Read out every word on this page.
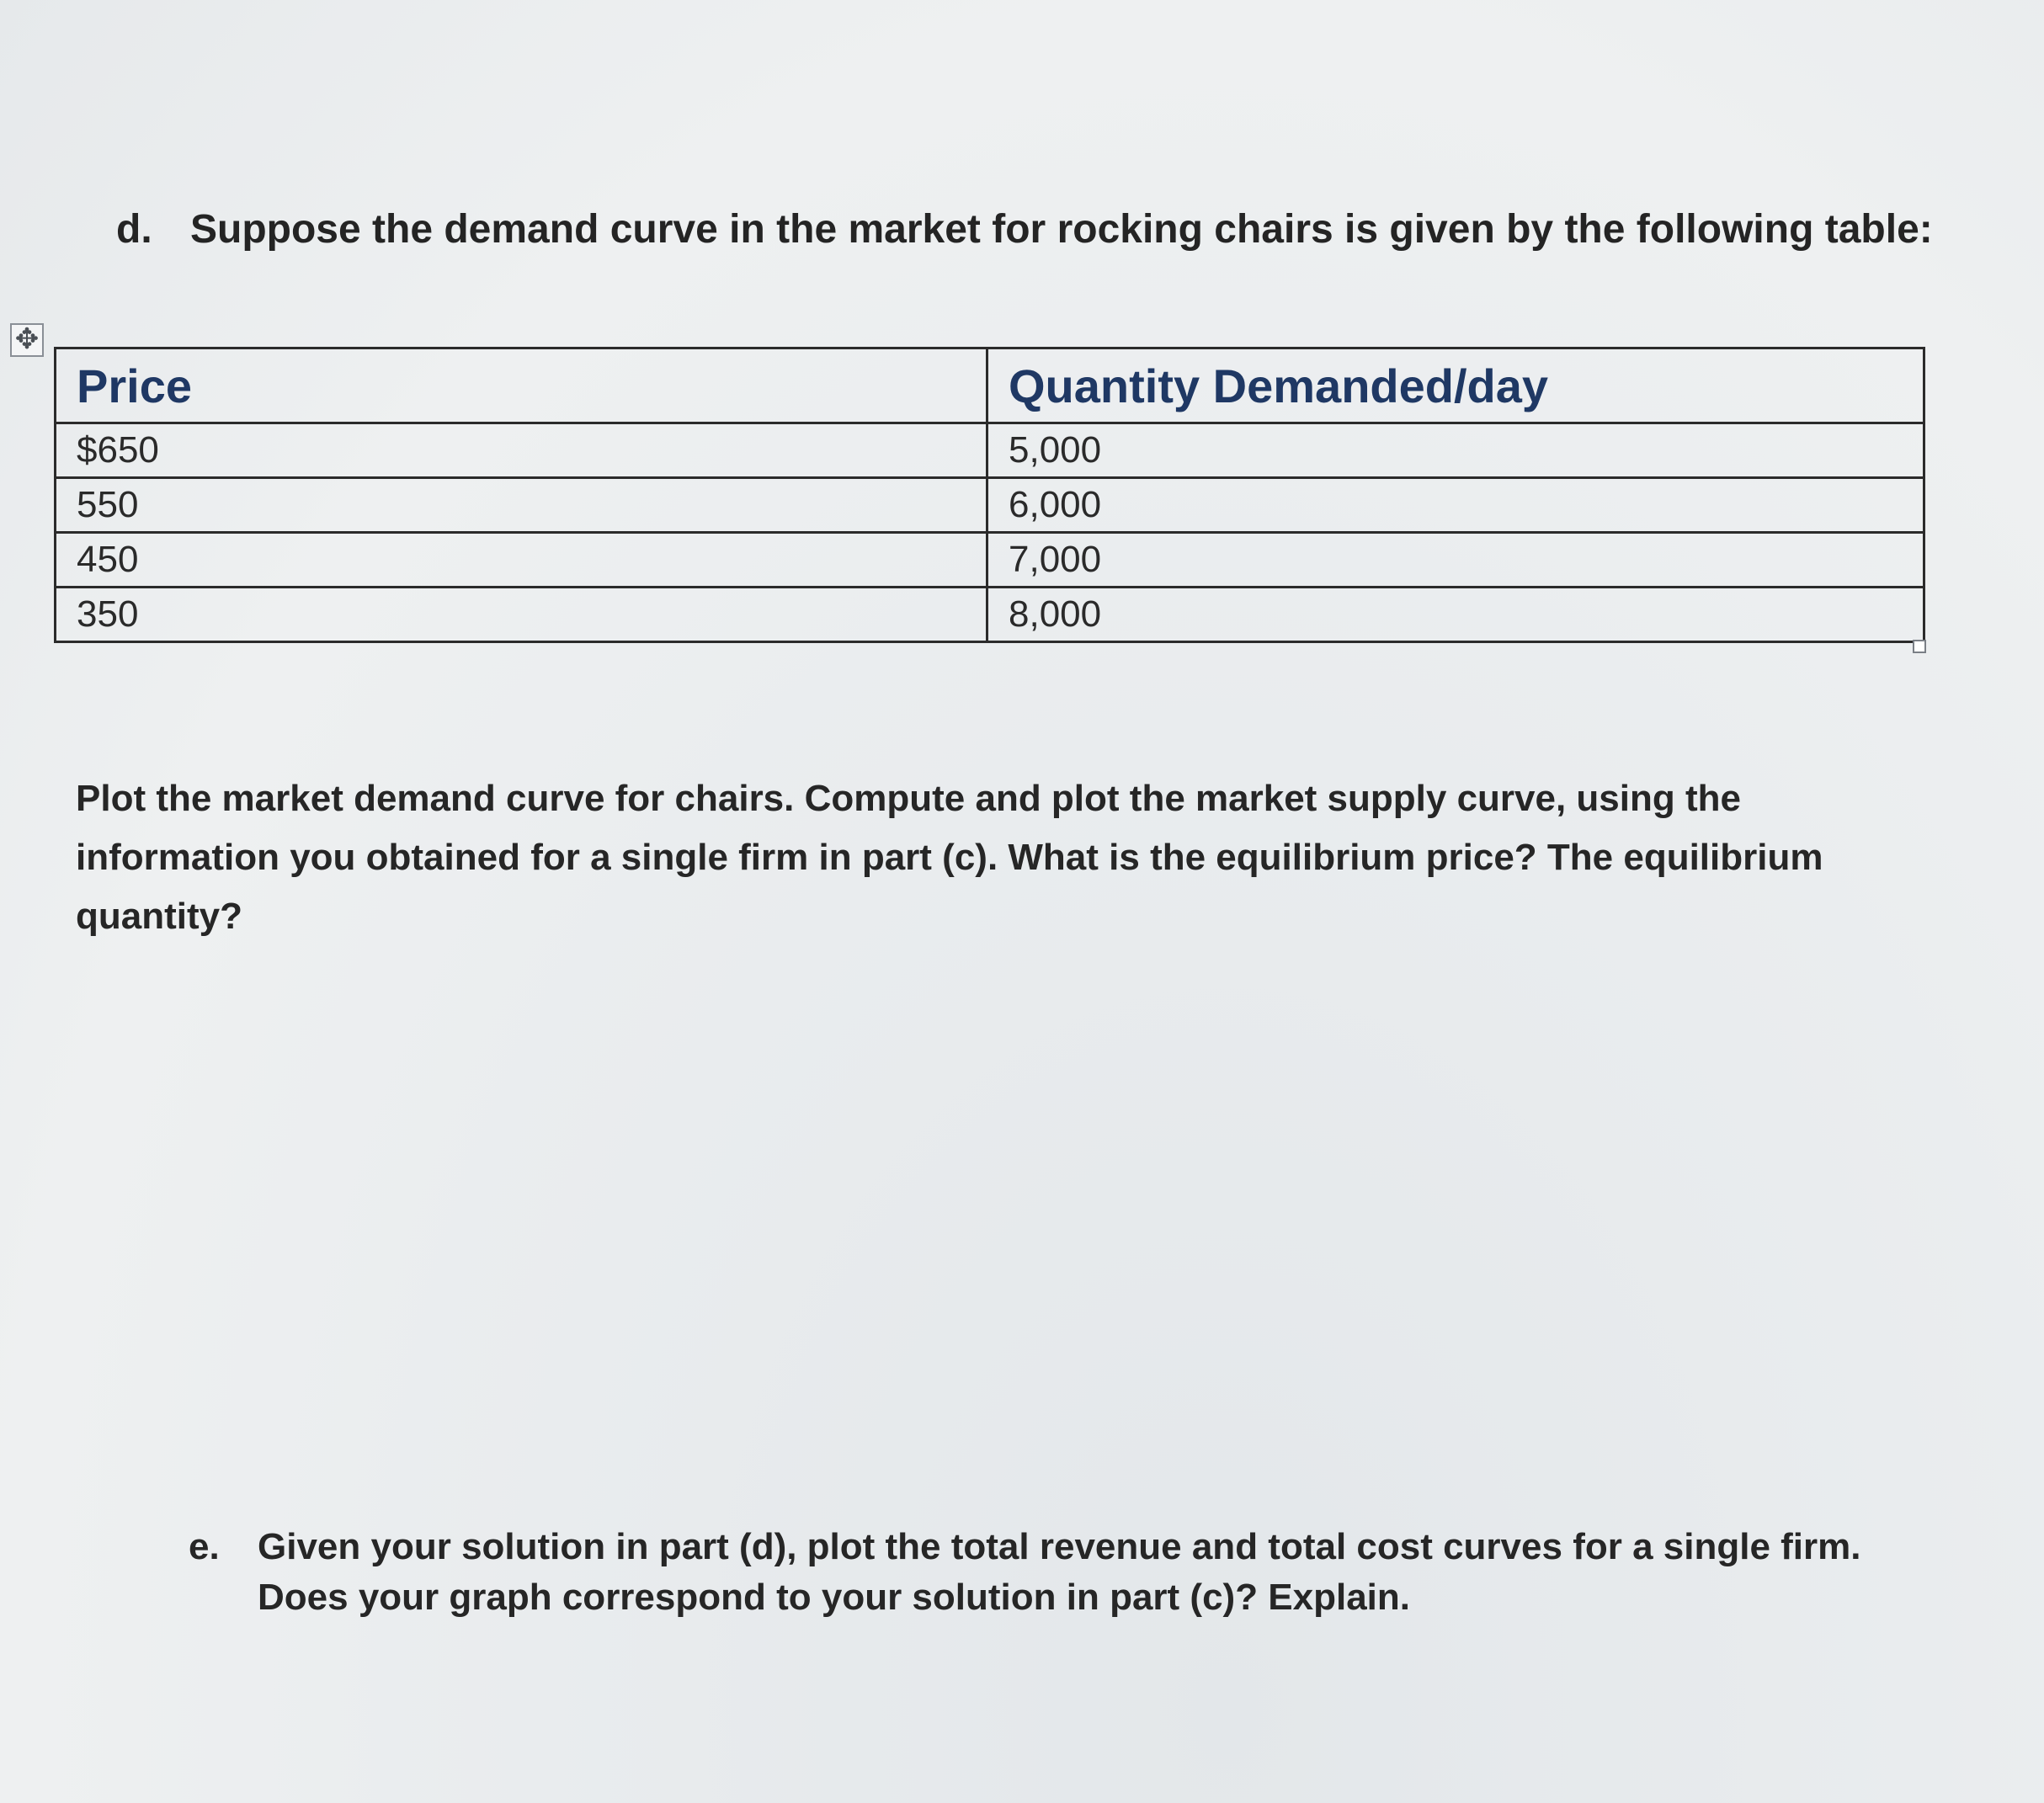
d. Suppose the demand curve in the market for rocking chairs is given by the following table:
✥
Price	Quantity Demanded/day
$650	5,000
550	6,000
450	7,000
350	8,000

Plot the market demand curve for chairs. Compute and plot the market supply curve, using the information you obtained for a single firm in part (c). What is the equilibrium price? The equilibrium quantity?

e. Given your solution in part (d), plot the total revenue and total cost curves for a single firm. Does your graph correspond to your solution in part (c)? Explain.
